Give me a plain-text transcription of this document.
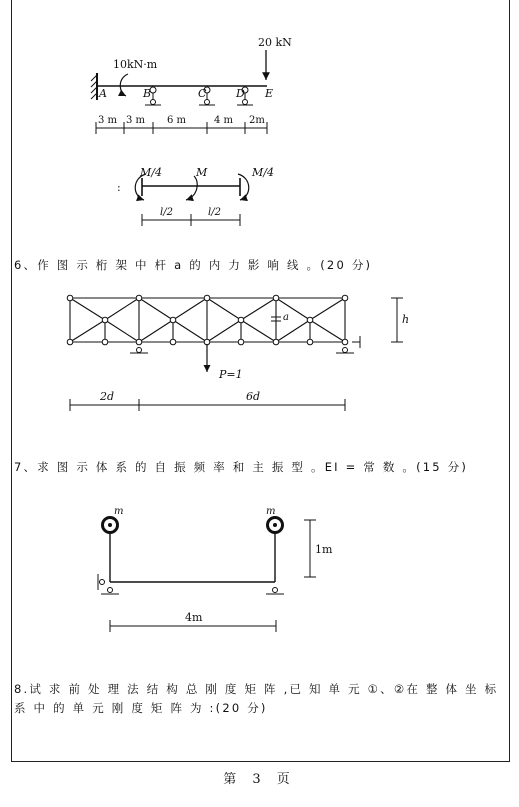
20 kN
10kN·m
A	B	C	D E
3 m 3 m 6 m	4 m 2m
:
M/4	M	M/4
l/2	l/2
6、作 图 示 桁 架 中 杆 a 的 内 力 影 响 线 。(20 分)
a
P=1
h
2d	6d
7、求 图 示 体 系 的 自 振 频 率 和 主 振 型 。EI = 常 数 。(15 分)
m	m
1m
4m
8.试 求 前 处 理 法 结 构 总 刚 度 矩 阵 ,已 知 单 元 ①、②在 整 体 坐 标
系 中 的 单 元 刚 度 矩 阵 为 :(20 分)
第 3 页
